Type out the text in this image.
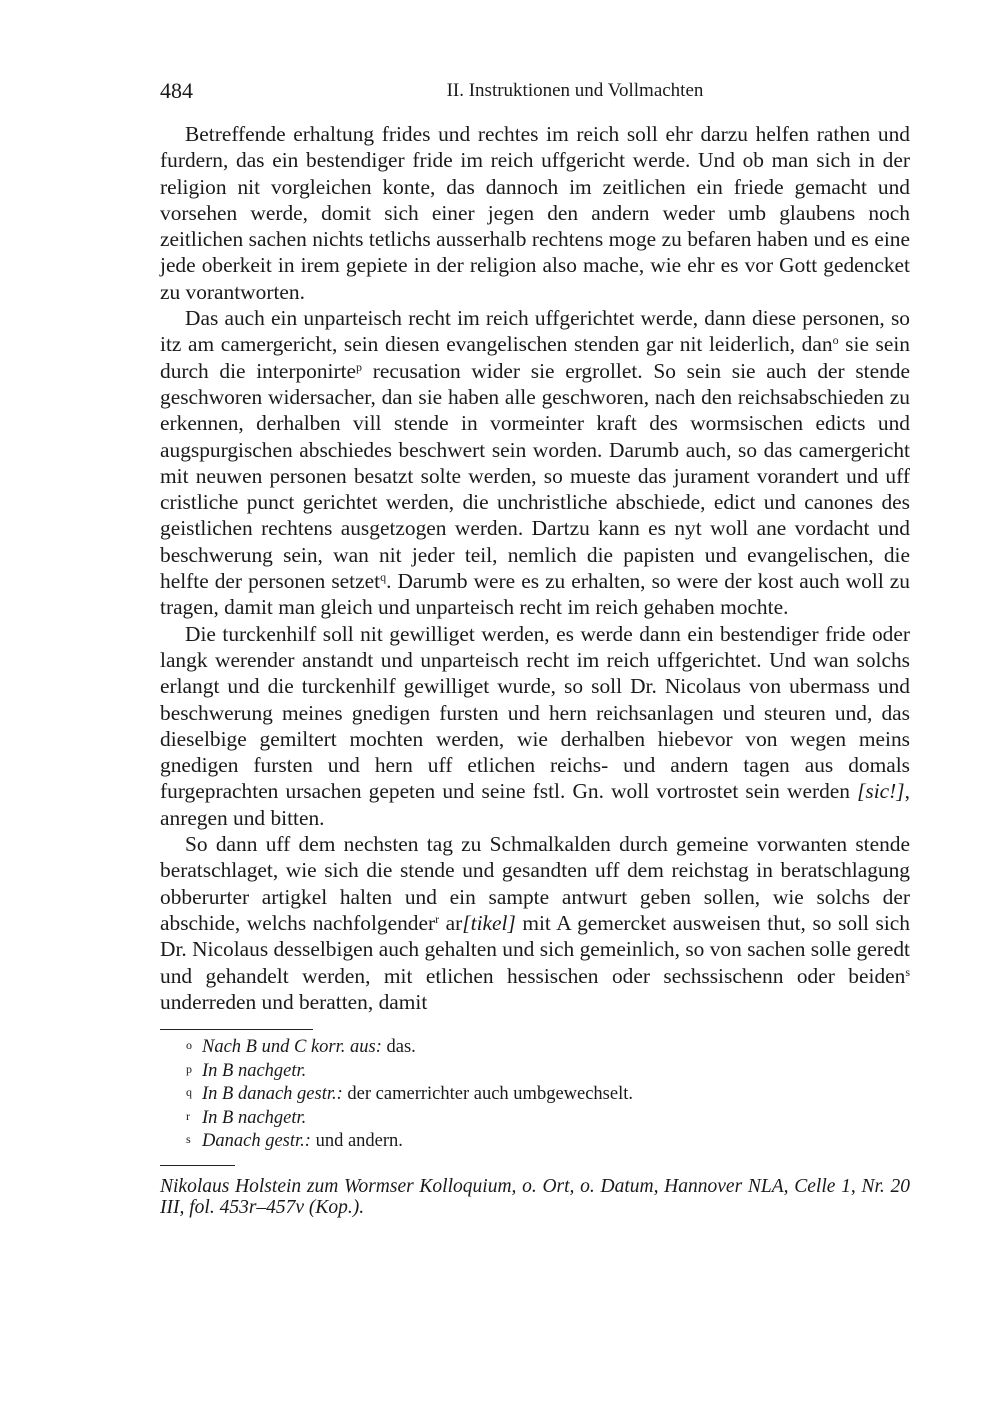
484	II. Instruktionen und Vollmachten

Betreffende erhaltung frides und rechtes im reich soll ehr darzu helfen rathen und furdern, das ein bestendiger fride im reich uffgericht werde. Und ob man sich in der religion nit vorgleichen konte, das dannoch im zeitlichen ein friede gemacht und vorsehen werde, domit sich einer jegen den andern weder umb glaubens noch zeitlichen sachen nichts tetlichs ausserhalb rechtens moge zu befaren haben und es eine jede oberkeit in irem gepiete in der religion also mache, wie ehr es vor Gott gedencket zu vorantworten.

Das auch ein unparteisch recht im reich uffgerichtet werde, dann diese personen, so itz am camergericht, sein diesen evangelischen stenden gar nit leiderlich, dan$^o$ sie sein durch die interponirte$^p$ recusation wider sie ergrollet. So sein sie auch der stende geschworen widersacher, dan sie haben alle geschworen, nach den reichsabschieden zu erkennen, derhalben vill stende in vormeinter kraft des wormsischen edicts und augspurgischen abschiedes beschwert sein worden. Darumb auch, so das camergericht mit neuwen personen besatzt solte werden, so mueste das jurament vorandert und uff cristliche punct gerichtet werden, die unchristliche abschiede, edict und canones des geistlichen rechtens ausgetzogen werden. Dartzu kann es nyt woll ane vordacht und beschwerung sein, wan nit jeder teil, nemlich die papisten und evangelischen, die helfte der personen setzet$^q$. Darumb were es zu erhalten, so were der kost auch woll zu tragen, damit man gleich und unparteisch recht im reich gehaben mochte.

Die turckenhilf soll nit gewilliget werden, es werde dann ein bestendiger fride oder langk werender anstandt und unparteisch recht im reich uffgerichtet. Und wan solchs erlangt und die turckenhilf gewilliget wurde, so soll Dr. Nicolaus von ubermass und beschwerung meines gnedigen fursten und hern reichsanlagen und steuren und, das dieselbige gemiltert mochten werden, wie derhalben hiebevor von wegen meins gnedigen fursten und hern uff etlichen reichs- und andern tagen aus domals furgeprachten ursachen gepeten und seine fstl. Gn. woll vortrostet sein werden [sic!], anregen und bitten.

So dann uff dem nechsten tag zu Schmalkalden durch gemeine vorwanten stende beratschlaget, wie sich die stende und gesandten uff dem reichstag in beratschlagung obberurter artigkel halten und ein sampte antwurt geben sollen, wie solchs der abschide, welchs nachfolgender$^r$ ar[tikel] mit A gemercket ausweisen thut, so soll sich Dr. Nicolaus desselbigen auch gehalten und sich gemeinlich, so von sachen solle geredt und gehandelt werden, mit etlichen hessischen oder sechssischenn oder beiden$^s$ underreden und beratten, damit

o Nach B und C korr. aus: das.
p In B nachgetr.
q In B danach gestr.: der camerrichter auch umbgewechselt.
r In B nachgetr.
s Danach gestr.: und andern.
Nikolaus Holstein zum Wormser Kolloquium, o. Ort, o. Datum, Hannover NLA, Celle 1, Nr. 20 III, fol. 453r–457v (Kop.).
